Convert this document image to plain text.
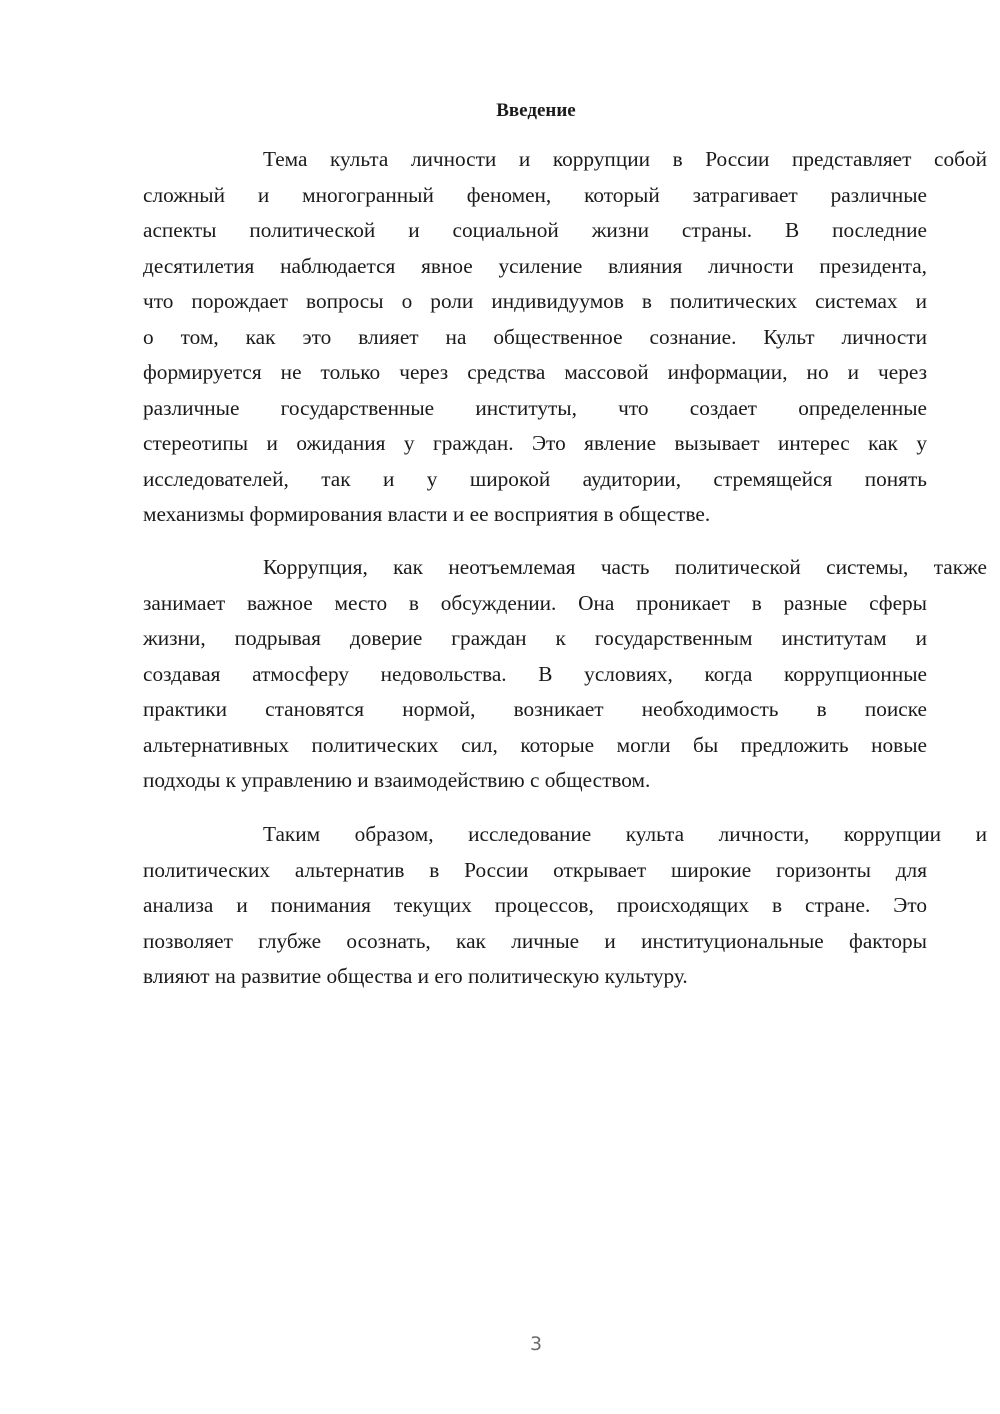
Введение
Тема культа личности и коррупции в России представляет собой
сложный и многогранный феномен, который затрагивает различные
аспекты политической и социальной жизни страны. В последние
десятилетия наблюдается явное усиление влияния личности президента,
что порождает вопросы о роли индивидуумов в политических системах и
о том, как это влияет на общественное сознание. Культ личности
формируется не только через средства массовой информации, но и через
различные государственные институты, что создает определенные
стереотипы и ожидания у граждан. Это явление вызывает интерес как у
исследователей, так и у широкой аудитории, стремящейся понять
механизмы формирования власти и ее восприятия в обществе.
Коррупция, как неотъемлемая часть политической системы, также
занимает важное место в обсуждении. Она проникает в разные сферы
жизни, подрывая доверие граждан к государственным институтам и
создавая атмосферу недовольства. В условиях, когда коррупционные
практики становятся нормой, возникает необходимость в поиске
альтернативных политических сил, которые могли бы предложить новые
подходы к управлению и взаимодействию с обществом.
Таким образом, исследование культа личности, коррупции и
политических альтернатив в России открывает широкие горизонты для
анализа и понимания текущих процессов, происходящих в стране. Это
позволяет глубже осознать, как личные и институциональные факторы
влияют на развитие общества и его политическую культуру.
3
